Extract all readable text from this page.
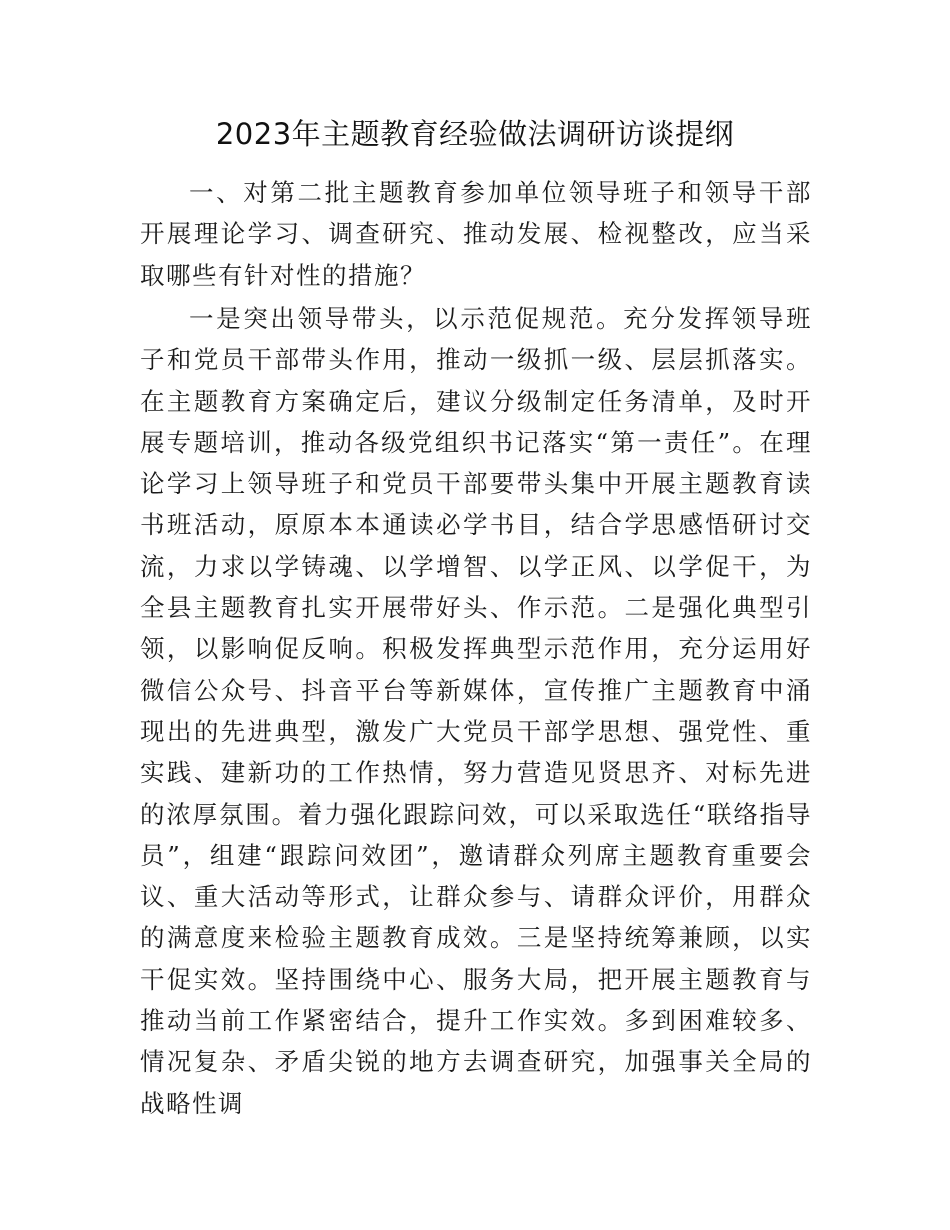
2023年主题教育经验做法调研访谈提纲

一、对第二批主题教育参加单位领导班子和领导干部开展理论学习、调查研究、推动发展、检视整改，应当采取哪些有针对性的措施？

一是突出领导带头，以示范促规范。充分发挥领导班子和党员干部带头作用，推动一级抓一级、层层抓落实。在主题教育方案确定后，建议分级制定任务清单，及时开展专题培训，推动各级党组织书记落实“第一责任”。在理论学习上领导班子和党员干部要带头集中开展主题教育读书班活动，原原本本通读必学书目，结合学思感悟研讨交流，力求以学铸魂、以学增智、以学正风、以学促干，为全县主题教育扎实开展带好头、作示范。二是强化典型引领，以影响促反响。积极发挥典型示范作用，充分运用好微信公众号、抖音平台等新媒体，宣传推广主题教育中涌现出的先进典型，激发广大党员干部学思想、强党性、重实践、建新功的工作热情，努力营造见贤思齐、对标先进的浓厚氛围。着力强化跟踪问效，可以采取选任“联络指导员”，组建“跟踪问效团”，邀请群众列席主题教育重要会议、重大活动等形式，让群众参与、请群众评价，用群众的满意度来检验主题教育成效。三是坚持统筹兼顾，以实干促实效。坚持围绕中心、服务大局，把开展主题教育与推动当前工作紧密结合，提升工作实效。多到困难较多、情况复杂、矛盾尖锐的地方去调查研究，加强事关全局的战略性调
